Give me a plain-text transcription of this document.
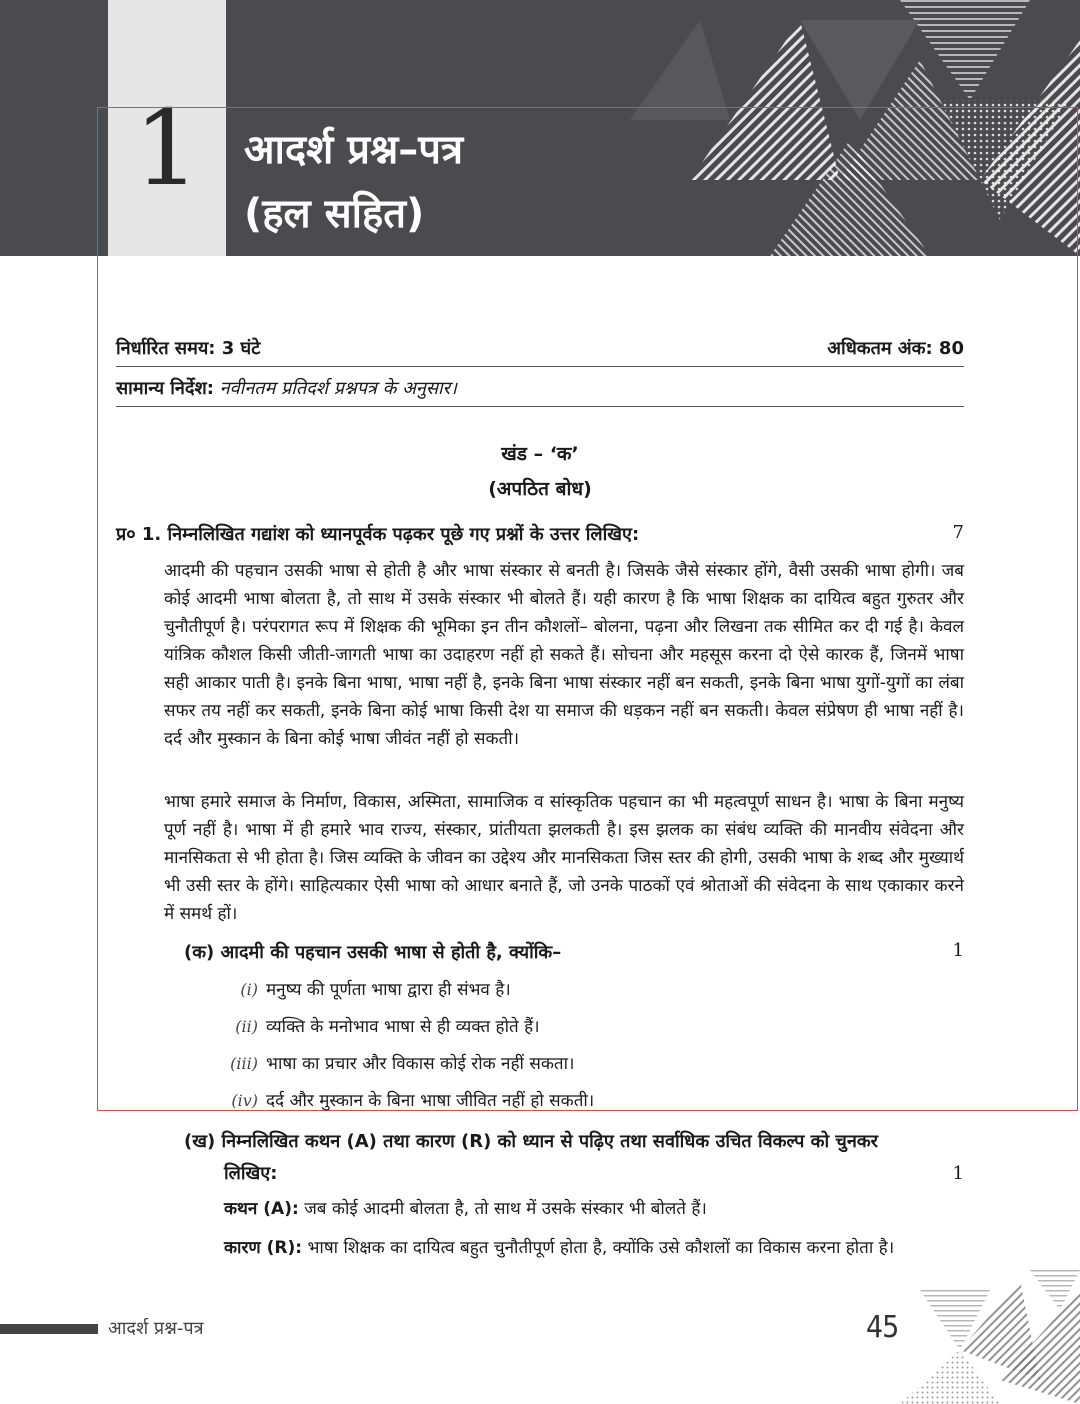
1	आदर्श प्रश्न–पत्र
(हल सहित)
निर्धारित समय: 3 घंटे	अधिकतम अंक: 80
सामान्य निर्देश: नवीनतम प्रतिदर्श प्रश्नपत्र के अनुसार।
खंड – ‘क’
(अपठित बोध)
प्र० 1. निम्नलिखित गद्यांश को ध्यानपूर्वक पढ़कर पूछे गए प्रश्नों के उत्तर लिखिए:	7

आदमी की पहचान उसकी भाषा से होती है और भाषा संस्कार से बनती है। जिसके जैसे संस्कार होंगे, वैसी उसकी भाषा होगी। जब कोई आदमी भाषा बोलता है, तो साथ में उसके संस्कार भी बोलते हैं। यही कारण है कि भाषा शिक्षक का दायित्व बहुत गुरुतर और चुनौतीपूर्ण है। परंपरागत रूप में शिक्षक की भूमिका इन तीन कौशलों– बोलना, पढ़ना और लिखना तक सीमित कर दी गई है। केवल यांत्रिक कौशल किसी जीती-जागती भाषा का उदाहरण नहीं हो सकते हैं। सोचना और महसूस करना दो ऐसे कारक हैं, जिनमें भाषा सही आकार पाती है। इनके बिना भाषा, भाषा नहीं है, इनके बिना भाषा संस्कार नहीं बन सकती, इनके बिना भाषा युगों-युगों का लंबा सफर तय नहीं कर सकती, इनके बिना कोई भाषा किसी देश या समाज की धड़कन नहीं बन सकती। केवल संप्रेषण ही भाषा नहीं है। दर्द और मुस्कान के बिना कोई भाषा जीवंत नहीं हो सकती।

भाषा हमारे समाज के निर्माण, विकास, अस्मिता, सामाजिक व सांस्कृतिक पहचान का भी महत्वपूर्ण साधन है। भाषा के बिना मनुष्य पूर्ण नहीं है। भाषा में ही हमारे भाव राज्य, संस्कार, प्रांतीयता झलकती है। इस झलक का संबंध व्यक्ति की मानवीय संवेदना और मानसिकता से भी होता है। जिस व्यक्ति के जीवन का उद्देश्य और मानसिकता जिस स्तर की होगी, उसकी भाषा के शब्द और मुख्यार्थ भी उसी स्तर के होंगे। साहित्यकार ऐसी भाषा को आधार बनाते हैं, जो उनके पाठकों एवं श्रोताओं की संवेदना के साथ एकाकार करने में समर्थ हों।

(क) आदमी की पहचान उसकी भाषा से होती है, क्योंकि–	1
(i) मनुष्य की पूर्णता भाषा द्वारा ही संभव है।
(ii) व्यक्ति के मनोभाव भाषा से ही व्यक्त होते हैं।
(iii) भाषा का प्रचार और विकास कोई रोक नहीं सकता।
(iv) दर्द और मुस्कान के बिना भाषा जीवित नहीं हो सकती।
(ख) निम्नलिखित कथन (A) तथा कारण (R) को ध्यान से पढ़िए तथा सर्वाधिक उचित विकल्प को चुनकर
लिखिए:	1
कथन (A): जब कोई आदमी बोलता है, तो साथ में उसके संस्कार भी बोलते हैं।
कारण (R): भाषा शिक्षक का दायित्व बहुत चुनौतीपूर्ण होता है, क्योंकि उसे कौशलों का विकास करना होता है।
आदर्श प्रश्न-पत्र	45
